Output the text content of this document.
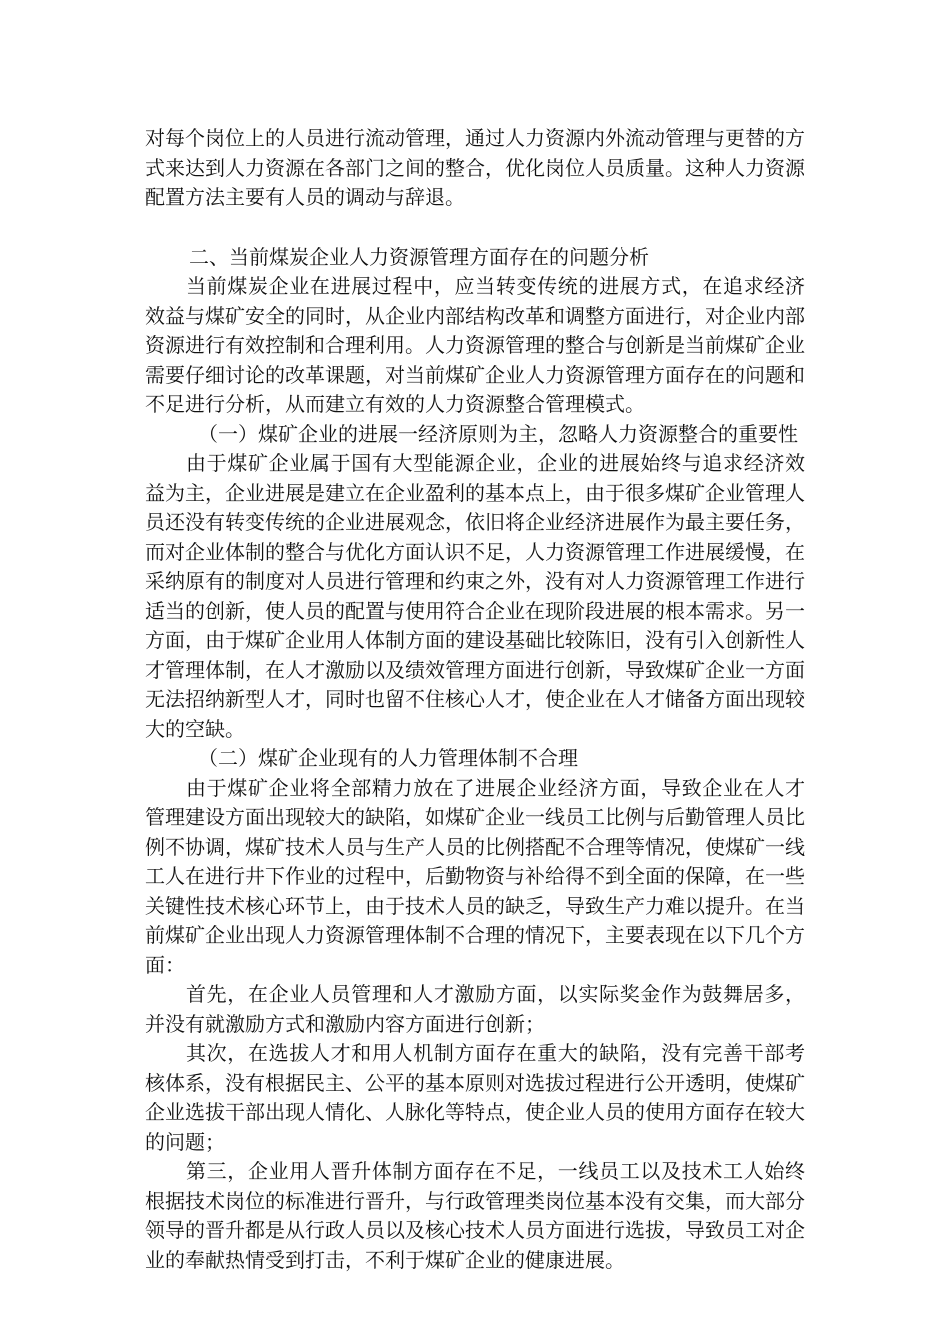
对每个岗位上的人员进行流动管理，通过人力资源内外流动管理与更替的方式来达到人力资源在各部门之间的整合，优化岗位人员质量。这种人力资源配置方法主要有人员的调动与辞退。

二、当前煤炭企业人力资源管理方面存在的问题分析

当前煤炭企业在进展过程中，应当转变传统的进展方式，在追求经济效益与煤矿安全的同时，从企业内部结构改革和调整方面进行，对企业内部资源进行有效控制和合理利用。人力资源管理的整合与创新是当前煤矿企业需要仔细讨论的改革课题，对当前煤矿企业人力资源管理方面存在的问题和不足进行分析，从而建立有效的人力资源整合管理模式。

（一）煤矿企业的进展一经济原则为主，忽略人力资源整合的重要性

由于煤矿企业属于国有大型能源企业，企业的进展始终与追求经济效益为主，企业进展是建立在企业盈利的基本点上，由于很多煤矿企业管理人员还没有转变传统的企业进展观念，依旧将企业经济进展作为最主要任务，而对企业体制的整合与优化方面认识不足，人力资源管理工作进展缓慢，在采纳原有的制度对人员进行管理和约束之外，没有对人力资源管理工作进行适当的创新，使人员的配置与使用符合企业在现阶段进展的根本需求。另一方面，由于煤矿企业用人体制方面的建设基础比较陈旧，没有引入创新性人才管理体制，在人才激励以及绩效管理方面进行创新，导致煤矿企业一方面无法招纳新型人才，同时也留不住核心人才，使企业在人才储备方面出现较大的空缺。

（二）煤矿企业现有的人力管理体制不合理

由于煤矿企业将全部精力放在了进展企业经济方面，导致企业在人才管理建设方面出现较大的缺陷，如煤矿企业一线员工比例与后勤管理人员比例不协调，煤矿技术人员与生产人员的比例搭配不合理等情况，使煤矿一线工人在进行井下作业的过程中，后勤物资与补给得不到全面的保障，在一些关键性技术核心环节上，由于技术人员的缺乏，导致生产力难以提升。在当前煤矿企业出现人力资源管理体制不合理的情况下，主要表现在以下几个方面：

首先，在企业人员管理和人才激励方面，以实际奖金作为鼓舞居多，并没有就激励方式和激励内容方面进行创新；

其次，在选拔人才和用人机制方面存在重大的缺陷，没有完善干部考核体系，没有根据民主、公平的基本原则对选拔过程进行公开透明，使煤矿企业选拔干部出现人情化、人脉化等特点，使企业人员的使用方面存在较大的问题；

第三，企业用人晋升体制方面存在不足，一线员工以及技术工人始终根据技术岗位的标准进行晋升，与行政管理类岗位基本没有交集，而大部分领导的晋升都是从行政人员以及核心技术人员方面进行选拔，导致员工对企业的奉献热情受到打击，不利于煤矿企业的健康进展。
